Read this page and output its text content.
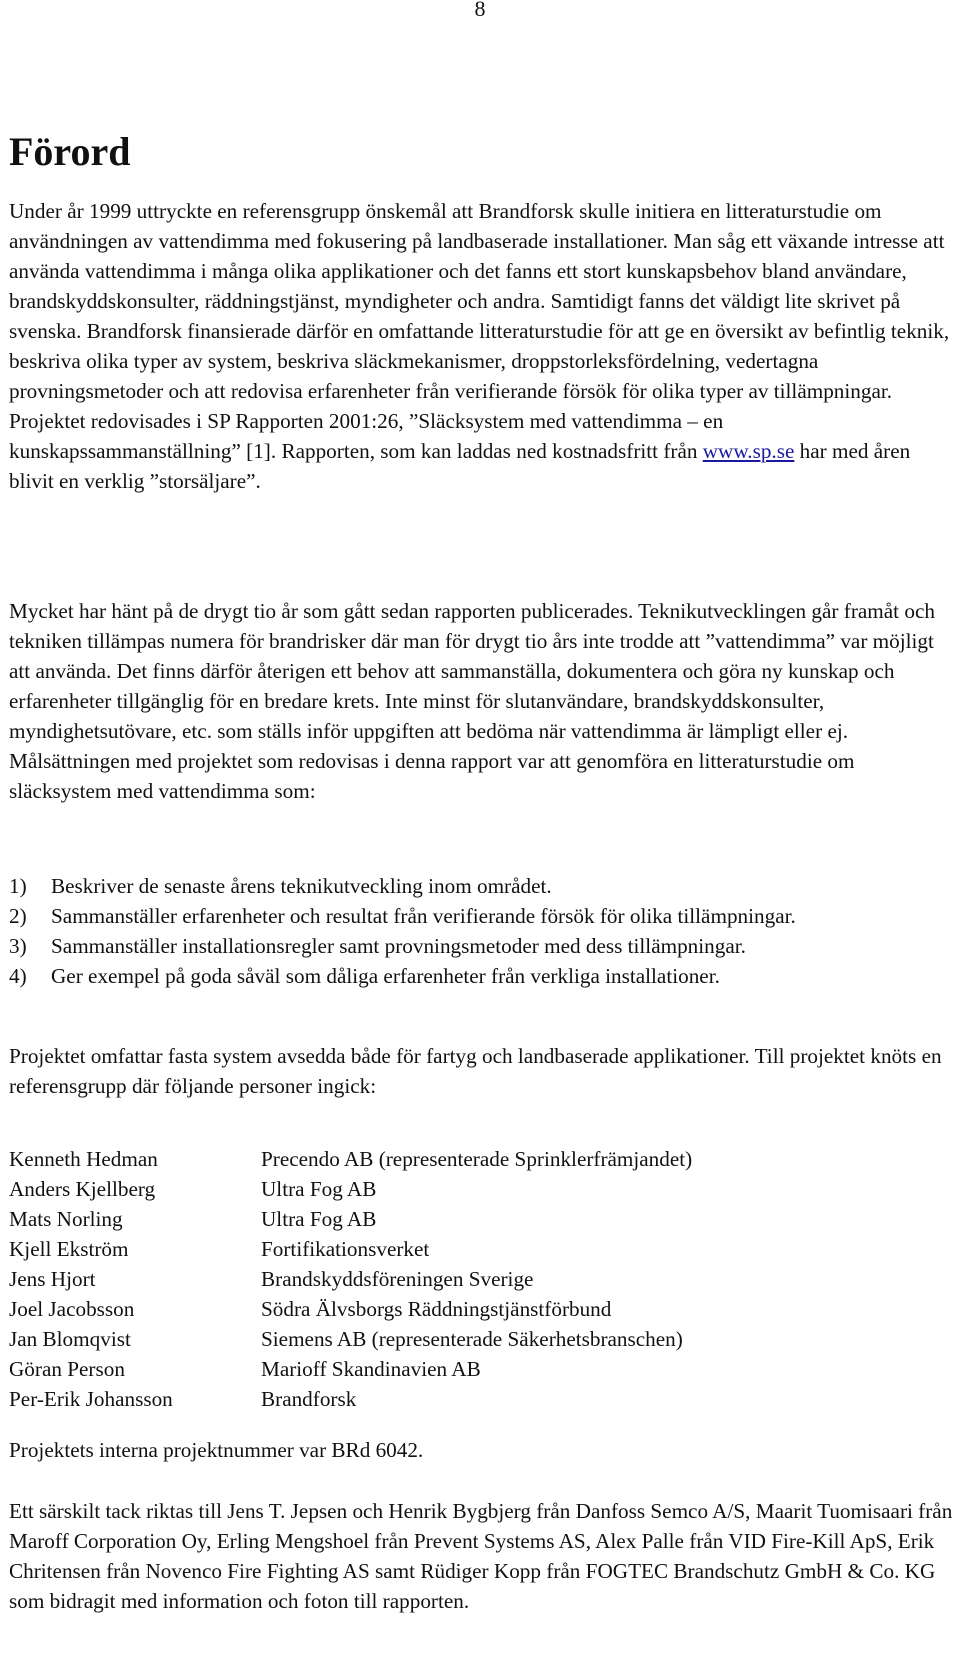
8
Förord

Under år 1999 uttryckte en referensgrupp önskemål att Brandforsk skulle initiera en litteraturstudie om användningen av vattendimma med fokusering på landbaserade installationer. Man såg ett växande intresse att använda vattendimma i många olika applikationer och det fanns ett stort kunskapsbehov bland användare, brandskyddskonsulter, räddningstjänst, myndigheter och andra. Samtidigt fanns det väldigt lite skrivet på svenska. Brandforsk finansierade därför en omfattande litteraturstudie för att ge en översikt av befintlig teknik, beskriva olika typer av system, beskriva släckmekanismer, droppstorleksfördelning, vedertagna provningsmetoder och att redovisa erfarenheter från verifierande försök för olika typer av tillämpningar. Projektet redovisades i SP Rapporten 2001:26, ”Släcksystem med vattendimma – en kunskapssammanställning” [1]. Rapporten, som kan laddas ned kostnadsfritt från www.sp.se har med åren blivit en verklig ”storsäljare”.

Mycket har hänt på de drygt tio år som gått sedan rapporten publicerades. Teknikutvecklingen går framåt och tekniken tillämpas numera för brandrisker där man för drygt tio års inte trodde att ”vattendimma” var möjligt att använda. Det finns därför återigen ett behov att sammanställa, dokumentera och göra ny kunskap och erfarenheter tillgänglig för en bredare krets. Inte minst för slutanvändare, brandskyddskonsulter, myndighetsutövare, etc. som ställs inför uppgiften att bedöma när vattendimma är lämpligt eller ej. Målsättningen med projektet som redovisas i denna rapport var att genomföra en litteraturstudie om släcksystem med vattendimma som:

1) Beskriver de senaste årens teknikutveckling inom området.
2) Sammanställer erfarenheter och resultat från verifierande försök för olika tillämpningar.
3) Sammanställer installationsregler samt provningsmetoder med dess tillämpningar.
4) Ger exempel på goda såväl som dåliga erfarenheter från verkliga installationer.

Projektet omfattar fasta system avsedda både för fartyg och landbaserade applikationer. Till projektet knöts en referensgrupp där följande personer ingick:

Kenneth Hedman	Precendo AB (representerade Sprinklerfrämjandet)
Anders Kjellberg	Ultra Fog AB
Mats Norling	Ultra Fog AB
Kjell Ekström	Fortifikationsverket
Jens Hjort	Brandskyddsföreningen Sverige
Joel Jacobsson	Södra Älvsborgs Räddningstjänstförbund
Jan Blomqvist	Siemens AB (representerade Säkerhetsbranschen)
Göran Person	Marioff Skandinavien AB
Per-Erik Johansson	Brandforsk

Projektets interna projektnummer var BRd 6042.

Ett särskilt tack riktas till Jens T. Jepsen och Henrik Bygbjerg från Danfoss Semco A/S, Maarit Tuomisaari från Maroff Corporation Oy, Erling Mengshoel från Prevent Systems AS, Alex Palle från VID Fire-Kill ApS, Erik Chritensen från Novenco Fire Fighting AS samt Rüdiger Kopp från FOGTEC Brandschutz GmbH & Co. KG som bidragit med information och foton till rapporten.
